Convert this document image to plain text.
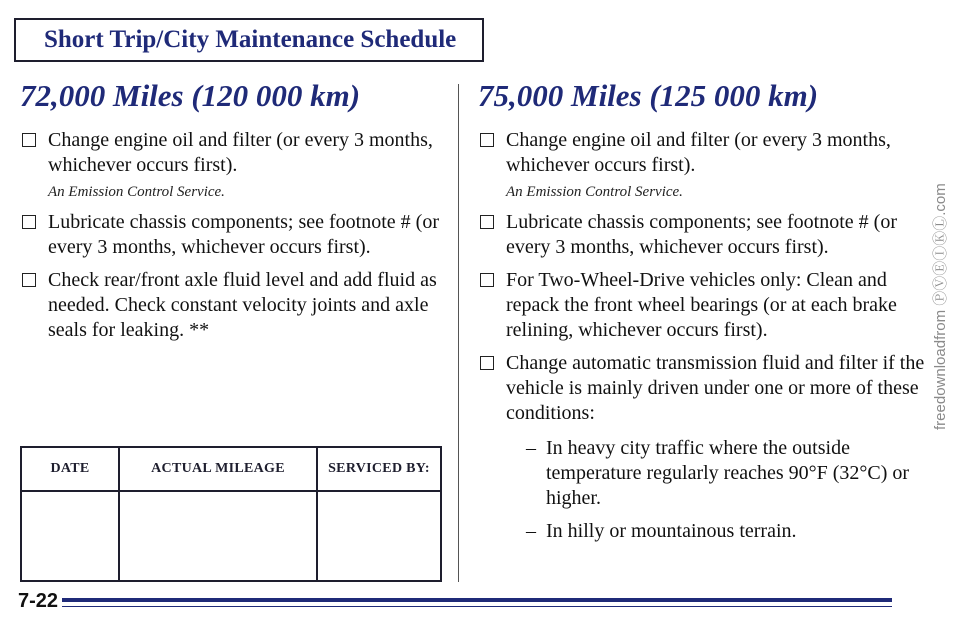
Short Trip/City Maintenance Schedule
72,000 Miles (120 000 km)
Change engine oil and filter (or every 3 months, whichever occurs first).
An Emission Control Service.
Lubricate chassis components; see footnote # (or every 3 months, whichever occurs first).
Check rear/front axle fluid level and add fluid as needed. Check constant velocity joints and axle seals for leaking. **
75,000 Miles (125 000 km)
Change engine oil and filter (or every 3 months, whichever occurs first).
An Emission Control Service.
Lubricate chassis components; see footnote # (or every 3 months, whichever occurs first).
For Two-Wheel-Drive vehicles only: Clean and repack the front wheel bearings (or at each brake relining, whichever occurs first).
Change automatic transmission fluid and filter if the vehicle is mainly driven under one or more of these conditions:
– In heavy city traffic where the outside temperature regularly reaches 90°F (32°C) or higher.
– In hilly or mountainous terrain.
DATE	ACTUAL MILEAGE	SERVICED BY:

7-22
freedownloadfrom ⓅⓋⒺⒾⓀⓁ.com
